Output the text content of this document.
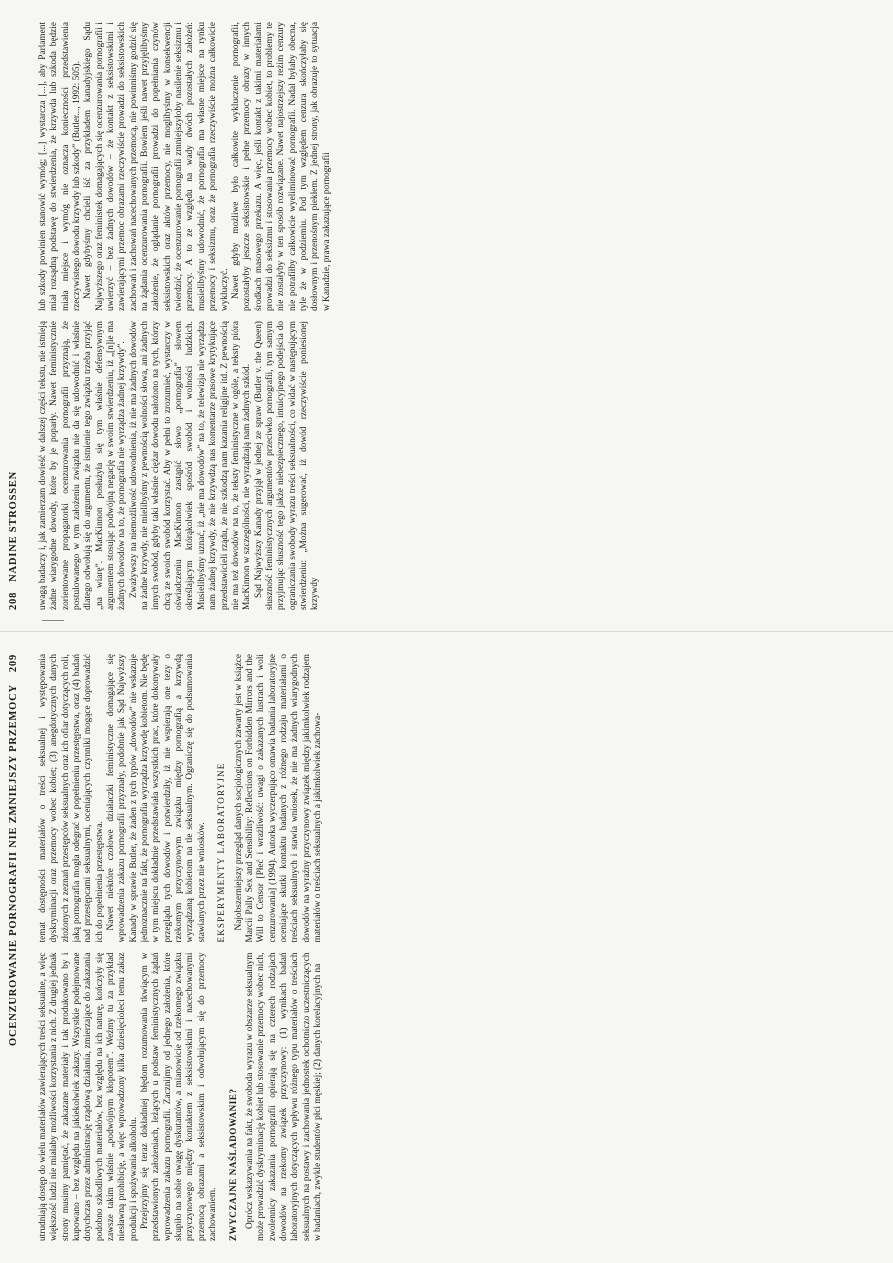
208
NADINE STROSSEN	uwagą badaczy i, jak zamierzam dowieść w dalszej części tekstu, nie istnieją żadne wiarygodne dowody, które by je poparły. Nawet feministycznie zorientowane propagatorki ocenzurowania pornografii przyznają, że postulowanego w tym założeniu związku nie da się udowodnić i właśnie dlatego odwołują się do argumentu, że istnienie tego związku trzeba przyjąć „na wiarę”. MacKinnon posłużyła się tym właśnie defensywnym argumentem stosując podwójną negację w swoim stwierdzeniu, iż „[n]ie ma żadnych dowodów na to, że pornografia nie wyrządza żadnej krzywdy”. Zważywszy na niemożliwość udowodnienia, iż nie ma żadnych dowodów na żadne krzywdy, nie mielibyśmy z pewnością wolności słowa, ani żadnych innych swobód, gdyby taki właśnie ciężar dowodu nałożono na tych, którzy chcą ze swoich swobód korzystać. Aby w pełni to zrozumieć, wystarczy w oświadczeniu MacKinnon zastąpić słowo „pornografia” słowem określającym którąkolwiek spośród swobód i wolności ludzkich. Musielibyśmy uznać, iż „nie ma dowodów” na to, że telewizja nie wyrządza nam żadnej krzywdy, że nie krzywdzą nas komentarze prasowe krytykujące przedstawicieli rządu, że nie szkodzą nam kazania religijne itd. Z pewnością nie ma też dowodów na to, że teksty feministyczne w ogóle, a teksty pióra MacKinnon w szczególności, nie wyrządzają nam żadnych szkód. Sąd Najwyższy Kanady przyjął w jednej ze spraw (Butler v. the Queen) słuszność feministycznych argumentów przeciwko pornografii, tym samym przyjmując słuszność tego jakże niebezpiecznego, intuicyjnego podejścia do ograniczania swobody wyrazu treści seksualności, co widać w następującym stwierdzeniu: „Można sugerować, iż dowód rzeczywiście poniesionej krzywdy

lub szkody powinien stanowić wymóg; [...] wystarcza [...], aby Parlament miał rozsądną podstawę do stwierdzenia, że krzywda lub szkoda będzie miała miejsce i wymóg nie oznacza konieczności przedstawienia rzeczywistego dowodu krzywdy lub szkody” (Butler..., 1992: 505). Nawet gdybyśmy chcieli iść za przykładem kanadyjskiego Sądu Najwyższego oraz feministek domagających się ocenzurowania pornografii i uwierzyć – bez żadnych dowodów – że kontakt z seksistowskimi i zawierającymi przemoc obrazami rzeczywiście prowadzi do seksistowskich zachowań i zachowań nacechowanych przemocą, nie powinniśmy godzić się na żądania ocenzurowania pornografii. Bowiem jeśli nawet przyjęlibyśmy założenie, że oglądanie pornografii prowadzi do popełniania czynów seksistowskich oraz aktów przemocy, nie moglibyśmy w konsekwencji twierdzić, że ocenzurowanie pornografii zmniejszyłoby nasilenie seksizmu i przemocy. A to ze względu na wady dwóch pozostałych założeń: musielibyśmy udowodnić, że pornografia ma własne miejsce na rynku przemocy i seksizmu, oraz że pornografia rzeczywiście można całkowicie wykluczyć. Nawet gdyby możliwe było całkowite wykluczenie pornografii, pozostałyby jeszcze seksistowskie i pełne przemocy obrazy w innych środkach masowego przekazu. A więc, jeśli kontakt z takimi materiałami prowadzi do seksizmu i stosowania przemocy wobec kobiet, to problemy te nie zostałyby w ten sposób rozwiązane. Nawet najostrzejszy reżim cenzury nie potrafiłby całkowicie wyeliminować pornografii. Nadal byłaby obecna, tyle że w podziemiu. Pod tym względem cenzura skończyłaby się dosłownym i przenośnym piekłem. Z jednej strony, jak obrazuje to sytuacja w Kanadzie, prawa zakazujące pornografii

OCENZUROWANIE PORNOGRAFII NIE ZMNIEJSZY PRZEMOCY
209

utrudniają dostęp do wielu materiałów zawierających treści seksualne, a więc większość ludzi nie miałaby możliwości korzystania z nich. Z drugiej jednak strony musimy pamiętać, że zakazane materiały i tak produkowano by i kupowano – bez względu na jakiekolwiek zakazy. Wszystkie podejmowane dotychczas przez administrację rządową działania, zmierzające do zakazania podobno szkodliwych materiałów, bez względu na ich naturę, kończyły się zawsze takim właśnie „podwójnym kłopotem”. Weźmy tu za przykład niesławną prohibicję, a więc wprowadzony kilka dziesięcioleci temu zakaz produkcji i spożywania alkoholu. Przejrzyjmy się teraz dokładniej błędom rozumowania tkwiącym w przedstawionych założeniach, leżących u podstaw feministycznych żądań wprowadzenia zakazu pornografii. Zacznijmy od jednego założenia, które skupiło na sobie uwagę dyskutantów, a mianowicie od rzekomego związku przyczynowego między kontaktem z seksistowskimi i nacechowanymi przemocą obrazami a seksistowskim i odwołującym się do przemocy zachowaniem. ZWYCZAJNE NAŚLADOWANIE? Oprócz wskazywania na fakt, że swoboda wyrazu w obszarze seksualnym może prowadzić dyskryminację kobiet lub stosowanie przemocy wobec nich, zwolennicy zakazania pornografii opierają się na czterech rodzajach dowodów na rzekomy związek przyczynowy: (1) wynikach badań laboratoryjnych dotyczących wpływu różnego typu materiałów o treściach seksualnych na postawy i zachowania jednostek ochotniczo uczestniczących w badaniach, zwykle studentów płci męskiej; (2) danych korelacyjnych na

temat dostępności materiałów o treści seksualnej i występowania dyskryminacji oraz przemocy wobec kobiet; (3) anegdotycznych danych złożonych z zeznań przestępców seksualnych oraz ich ofiar dotyczących roli, jaką pornografia mogła odegrać w popełnieniu przestępstwa, oraz (4) badań nad przestępcami seksualnymi, oceniających czynniki mogące doprowadzić ich do popełnienia przestępstwa. Nawet niektóre czołowe działaczki feministyczne domagające się wprowadzenia zakazu pornografii przyznały, podobnie jak Sąd Najwyższy Kanady w sprawie Butler, że żaden z tych typów „dowodów” nie wskazuje jednoznacznie na fakt, że pornografia wyrządza krzywdę kobietom. Nie będę w tym miejscu dokładnie przedstawiała wszystkich prac, które dokonywały przeglądu tych dowodów i potwierdziły, iż nie wspierają one tezy o rzekomym przyczynowym związku między pornografią a krzywdą wyrządzaną kobietom na tle seksualnym. Ograniczę się do podsumowania stawianych przez nie wniosków. EKSPERYMENTY LABORATORYJNE Najobszerniejszy przegląd danych socjologicznych zawarty jest w książce Marcii Pally Sex and Sensibility: Reflections on Forbidden Mirrors and the Will to Censor [Płeć i wrażliwość: uwagi o zakazanych lustrach i woli cenzurowania] (1994). Autorka wyczerpująco omawia badania laboratoryjne oceniające skutki kontaktu badanych z różnego rodzaju materiałami o treściach seksualnych i stawia wniosek, że nie ma żadnych wiarygodnych dowodów na wyraźny przyczynowy związek między jakimkolwiek rodzajem materiałów o treściach seksualnych a jakimkolwiek zachowa-
